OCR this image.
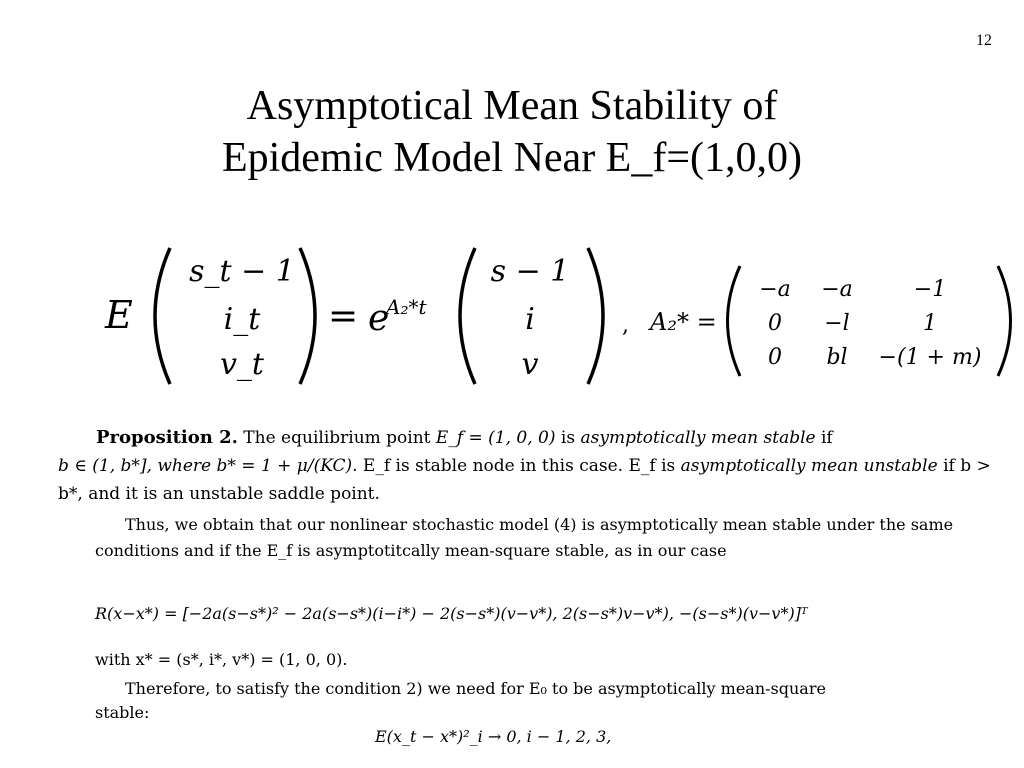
12
Asymptotical Mean Stability of
Epidemic Model Near E_f=(1,0,0)
E
s_t − 1
i_t
v_t
= e
A₂*t
s − 1
i
v
, A₂* =
−a −a	−1
0 −l	1
0 bl −(1 + m)
Proposition 2. The equilibrium point E_f = (1, 0, 0) is asymptotically mean stable if
b ∈ (1, b*], where b* = 1 + μ/(KC). E_f is stable node in this case. E_f is asymptotically mean unstable if b > b*, and it is an unstable saddle point.
Thus, we obtain that our nonlinear stochastic model (4) is asymptotically mean stable under the same conditions and if the E_f is asymptotitcally mean-square stable, as in our case
R(x−x*) = [−2a(s−s*)² − 2a(s−s*)(i−i*) − 2(s−s*)(v−v*), 2(s−s*)v−v*), −(s−s*)(v−v*)]ᵀ
with x* = (s*, i*, v*) = (1, 0, 0).
Therefore, to satisfy the condition 2) we need for E₀ to be asymptotically mean-square
stable:
E(x_t − x*)²_i → 0, i − 1, 2, 3,
